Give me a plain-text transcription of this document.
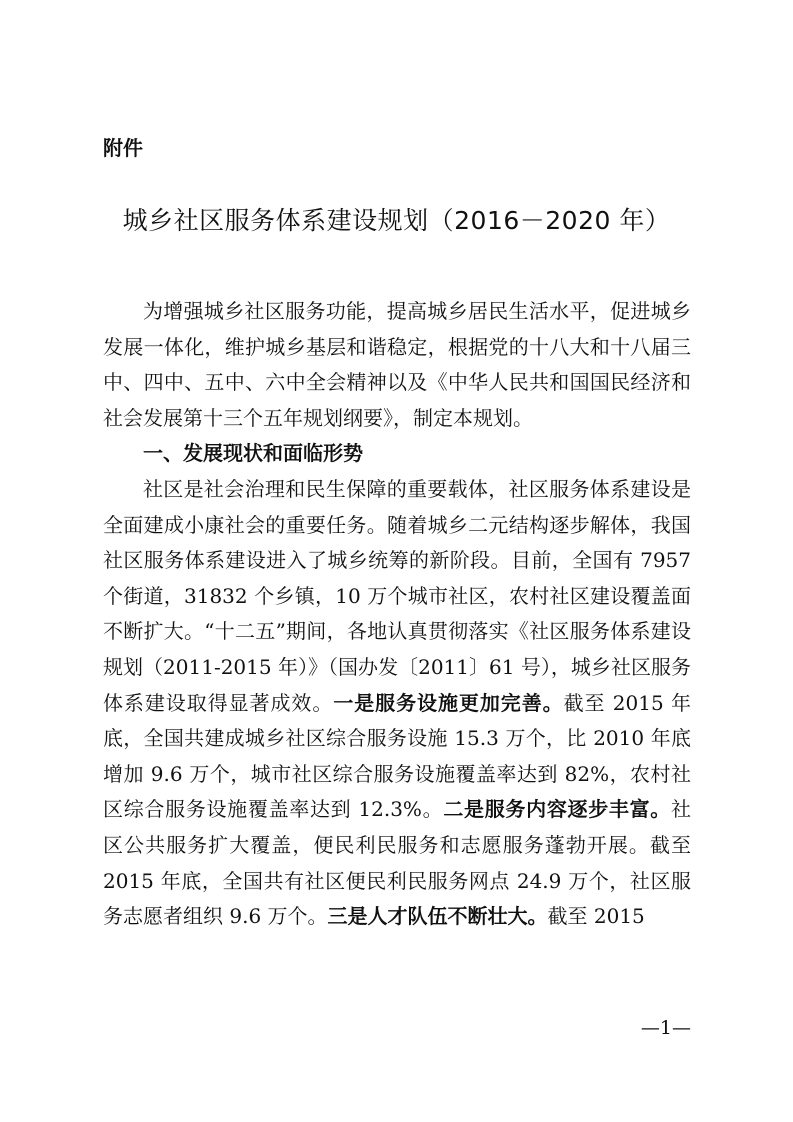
附件

城乡社区服务体系建设规划（2016－2020 年）

为增强城乡社区服务功能，提高城乡居民生活水平，促进城乡发展一体化，维护城乡基层和谐稳定，根据党的十八大和十八届三中、四中、五中、六中全会精神以及《中华人民共和国国民经济和社会发展第十三个五年规划纲要》，制定本规划。

一、发展现状和面临形势

社区是社会治理和民生保障的重要载体，社区服务体系建设是全面建成小康社会的重要任务。随着城乡二元结构逐步解体，我国社区服务体系建设进入了城乡统筹的新阶段。目前，全国有 7957 个街道，31832 个乡镇，10 万个城市社区，农村社区建设覆盖面不断扩大。“十二五”期间，各地认真贯彻落实《社区服务体系建设规划（2011-2015 年）》（国办发〔2011〕61 号），城乡社区服务体系建设取得显著成效。一是服务设施更加完善。截至 2015 年底，全国共建成城乡社区综合服务设施 15.3 万个，比 2010 年底增加 9.6 万个，城市社区综合服务设施覆盖率达到 82%，农村社区综合服务设施覆盖率达到 12.3%。二是服务内容逐步丰富。社区公共服务扩大覆盖，便民利民服务和志愿服务蓬勃开展。截至 2015 年底，全国共有社区便民利民服务网点 24.9 万个，社区服务志愿者组织 9.6 万个。三是人才队伍不断壮大。截至 2015

—1—
